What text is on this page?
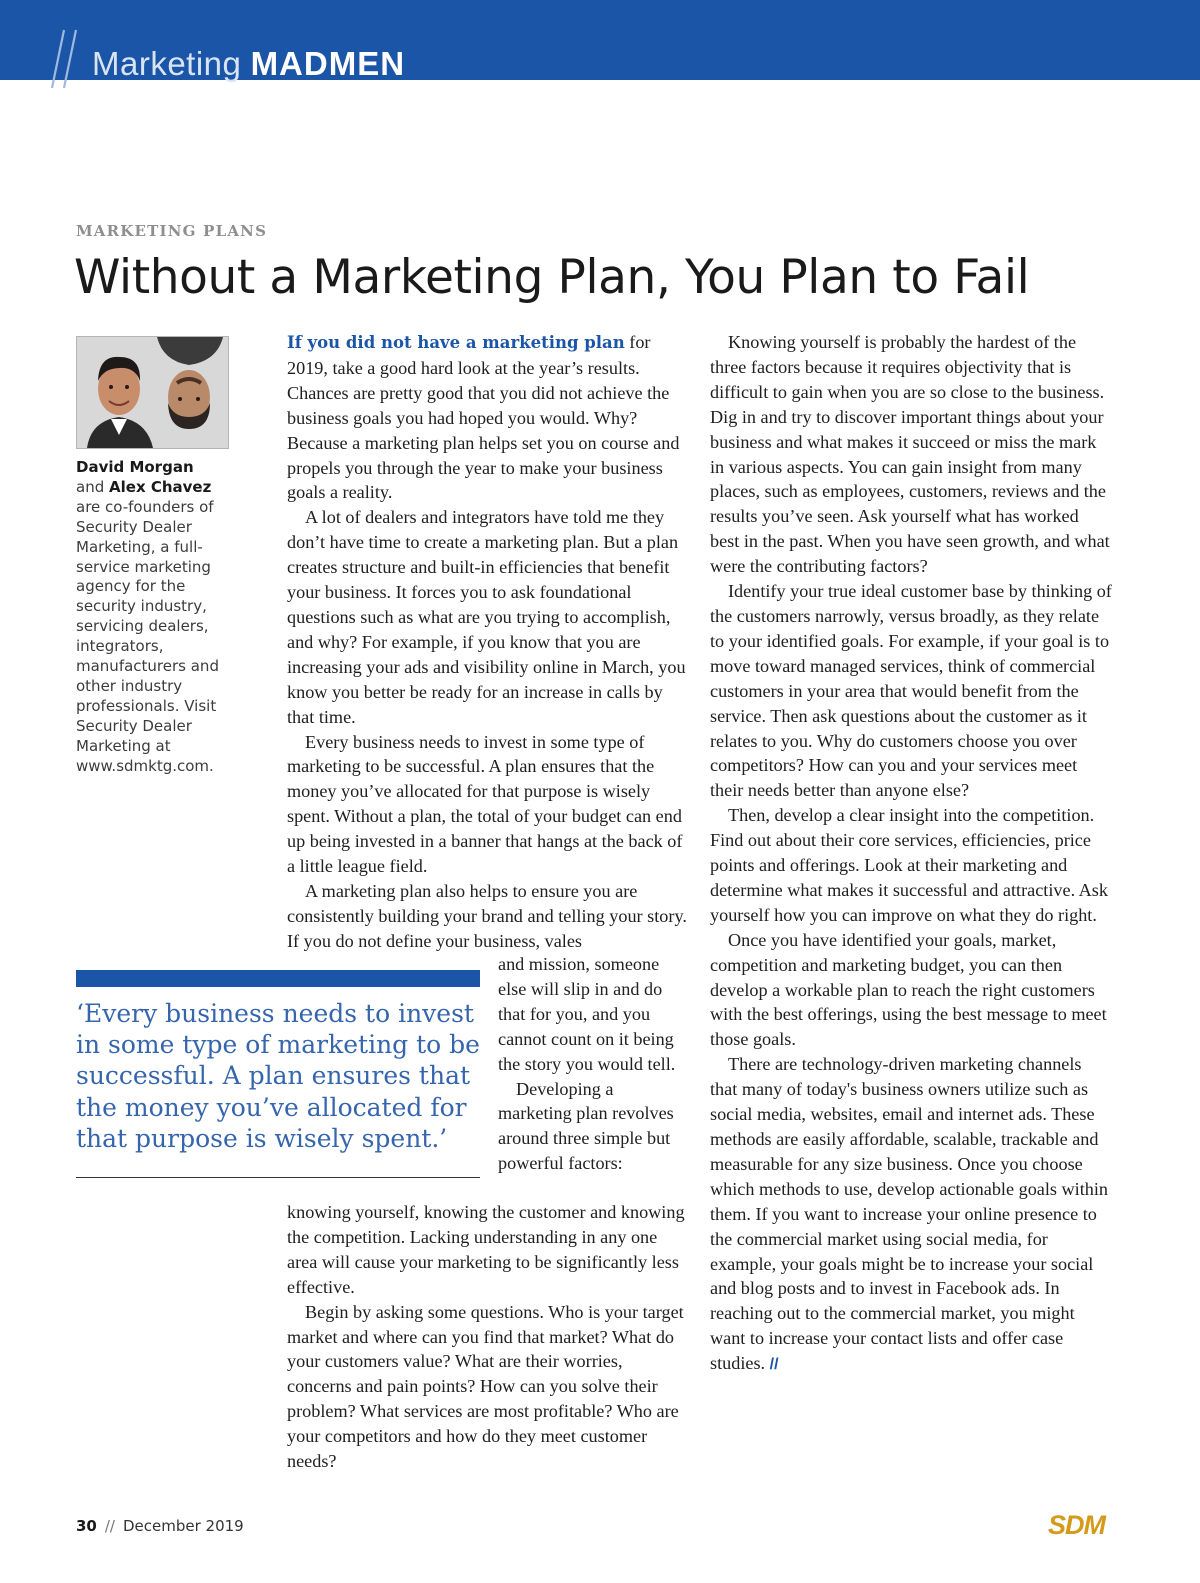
Marketing MADMEN
MARKETING PLANS
Without a Marketing Plan, You Plan to Fail
David Morgan
and Alex Chavez are co-founders of Security Dealer Marketing, a full-service marketing agency for the security industry, servicing dealers, integrators, manufacturers and other industry professionals. Visit Security Dealer Marketing at www.sdmktg.com.

If you did not have a marketing plan for 2019, take a good hard look at the year’s results. Chances are pretty good that you did not achieve the business goals you had hoped you would. Why? Because a marketing plan helps set you on course and propels you through the year to make your business goals a reality.

A lot of dealers and integrators have told me they don’t have time to create a marketing plan. But a plan creates structure and built-in efficiencies that benefit your business. It forces you to ask foundational questions such as what are you trying to accomplish, and why? For example, if you know that you are increasing your ads and visibility online in March, you know you better be ready for an increase in calls by that time.

Every business needs to invest in some type of marketing to be successful. A plan ensures that the money you’ve allocated for that purpose is wisely spent. Without a plan, the total of your budget can end up being invested in a banner that hangs at the back of a little league field.

A marketing plan also helps to ensure you are consistently building your brand and telling your story. If you do not define your business, vales

‘Every business needs to invest in some type of marketing to be successful. A plan ensures that the money you’ve allocated for that purpose is wisely spent.’

and mission, someone else will slip in and do that for you, and you cannot count on it being the story you would tell.

Developing a marketing plan revolves around three simple but powerful factors:

knowing yourself, knowing the customer and knowing the competition. Lacking understanding in any one area will cause your marketing to be significantly less effective.

Begin by asking some questions. Who is your target market and where can you find that market? What do your customers value? What are their worries, concerns and pain points? How can you solve their problem? What services are most profitable? Who are your competitors and how do they meet customer needs?

Knowing yourself is probably the hardest of the three factors because it requires objectivity that is difficult to gain when you are so close to the business. Dig in and try to discover important things about your business and what makes it succeed or miss the mark in various aspects. You can gain insight from many places, such as employees, customers, reviews and the results you’ve seen. Ask yourself what has worked best in the past. When you have seen growth, and what were the contributing factors?

Identify your true ideal customer base by thinking of the customers narrowly, versus broadly, as they relate to your identified goals. For example, if your goal is to move toward managed services, think of commercial customers in your area that would benefit from the service. Then ask questions about the customer as it relates to you. Why do customers choose you over competitors? How can you and your services meet their needs better than anyone else?

Then, develop a clear insight into the competition. Find out about their core services, efficiencies, price points and offerings. Look at their marketing and determine what makes it successful and attractive. Ask yourself how you can improve on what they do right.

Once you have identified your goals, market, competition and marketing budget, you can then develop a workable plan to reach the right customers with the best offerings, using the best message to meet those goals.

There are technology-driven marketing channels that many of today's business owners utilize such as social media, websites, email and internet ads. These methods are easily affordable, scalable, trackable and measurable for any size business. Once you choose which methods to use, develop actionable goals within them. If you want to increase your online presence to the commercial market using social media, for example, your goals might be to increase your social and blog posts and to invest in Facebook ads. In reaching out to the commercial market, you might want to increase your contact lists and offer case studies. //

30 // December 2019	SDM
